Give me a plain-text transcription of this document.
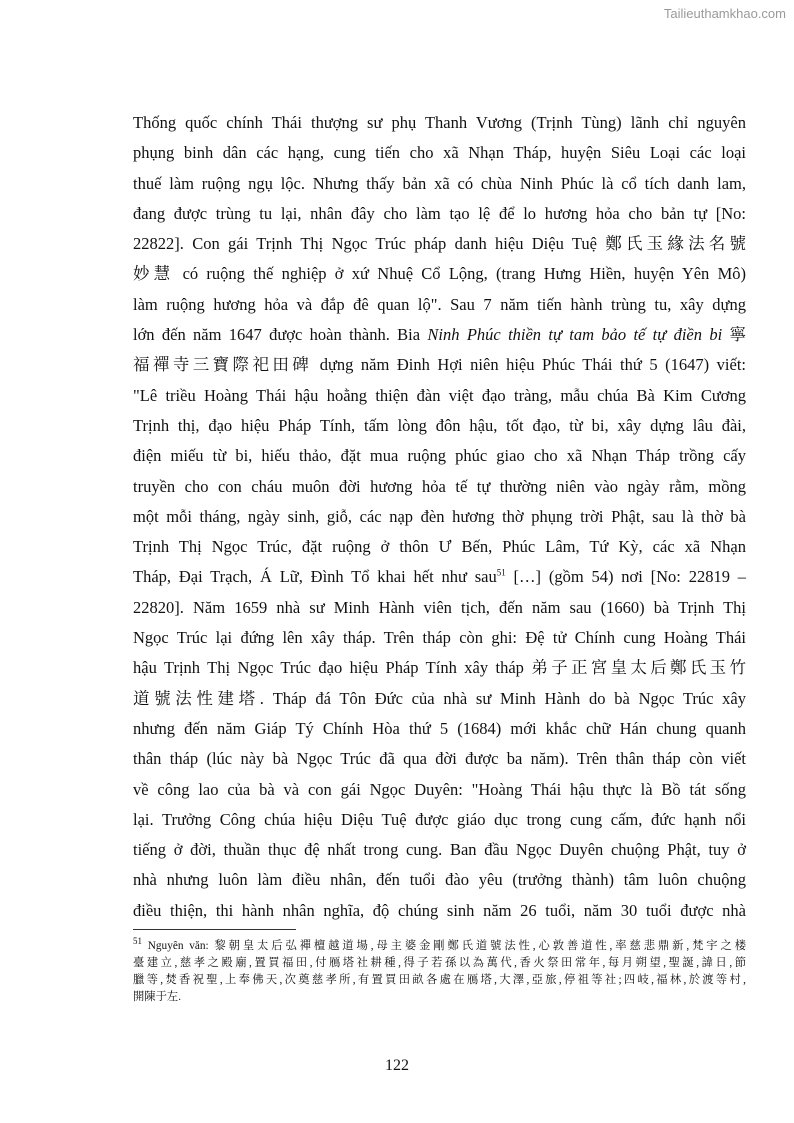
Tailieuthamkhao.com
Thống quốc chính Thái thượng sư phụ Thanh Vương (Trịnh Tùng) lãnh chỉ nguyên
phụng binh dân các hạng, cung tiến cho xã Nhạn Tháp, huyện Siêu Loại các loại
thuế làm ruộng ngụ lộc. Nhưng thấy bản xã có chùa Ninh Phúc là cổ tích danh lam,
đang được trùng tu lại, nhân đây cho làm tạo lệ để lo hương hỏa cho bản tự [No:
22822]. Con gái Trịnh Thị Ngọc Trúc pháp danh hiệu Diệu Tuệ 鄭氏玉緣法名號
妙慧 có ruộng thế nghiệp ở xứ Nhuệ Cổ Lộng, (trang Hưng Hiền, huyện Yên Mô)
làm ruộng hương hỏa và đắp đê quan lộ". Sau 7 năm tiến hành trùng tu, xây dựng
lớn đến năm 1647 được hoàn thành. Bia Ninh Phúc thiền tự tam bảo tế tự điền bi 寧
福禪寺三寶際祀田碑 dựng năm Đinh Hợi niên hiệu Phúc Thái thứ 5 (1647) viết:
"Lê triều Hoàng Thái hậu hoằng thiện đàn việt đạo tràng, mẫu chúa Bà Kim Cương
Trịnh thị, đạo hiệu Pháp Tính, tấm lòng đôn hậu, tốt đạo, từ bi, xây dựng lâu đài,
điện miếu từ bi, hiếu thảo, đặt mua ruộng phúc giao cho xã Nhạn Tháp trồng cấy
truyền cho con cháu muôn đời hương hỏa tế tự thường niên vào ngày rằm, mồng
một mỗi tháng, ngày sinh, giỗ, các nạp đèn hương thờ phụng trời Phật, sau là thờ bà
Trịnh Thị Ngọc Trúc, đặt ruộng ở thôn Ư Bến, Phúc Lâm, Tứ Kỳ, các xã Nhạn
Tháp, Đại Trạch, Á Lữ, Đình Tổ khai hết như sau$^{51}$ […] (gồm 54) nơi [No: 22819 –
22820]. Năm 1659 nhà sư Minh Hành viên tịch, đến năm sau (1660) bà Trịnh Thị
Ngọc Trúc lại đứng lên xây tháp. Trên tháp còn ghi: Đệ tử Chính cung Hoàng Thái
hậu Trịnh Thị Ngọc Trúc đạo hiệu Pháp Tính xây tháp 弟子正宮皇太后鄭氏玉竹
道號法性建塔. Tháp đá Tôn Đức của nhà sư Minh Hành do bà Ngọc Trúc xây
nhưng đến năm Giáp Tý Chính Hòa thứ 5 (1684) mới khắc chữ Hán chung quanh
thân tháp (lúc này bà Ngọc Trúc đã qua đời được ba năm). Trên thân tháp còn viết
về công lao của bà và con gái Ngọc Duyên: "Hoàng Thái hậu thực là Bồ tát sống
lại. Trưởng Công chúa hiệu Diệu Tuệ được giáo dục trong cung cấm, đức hạnh nổi
tiếng ở đời, thuần thục đệ nhất trong cung. Ban đầu Ngọc Duyên chuộng Phật, tuy ở
nhà nhưng luôn làm điều nhân, đến tuổi đào yêu (trưởng thành) tâm luôn chuộng
điều thiện, thi hành nhân nghĩa, độ chúng sinh năm 26 tuổi, năm 30 tuổi được nhà
$^{51}$ Nguyên văn: 黎朝皇太后弘禪檀越道場,母主婆金剛鄭氏道號法性,心敦善道性,率慈悲鼎新,梵宇之楼
臺建立,慈孝之殿廟,置買福田,付鴈塔社耕種,得子若孫以為萬代,香火祭田常年,每月朔望,聖誕,諱日,節
臘等,焚香祝聖,上奉佛天,次奠慈孝所,有置買田畝各處在鴈塔,大澤,亞旅,停祖等社;四岐,福林,於渡等村,
開陳于左.
122
